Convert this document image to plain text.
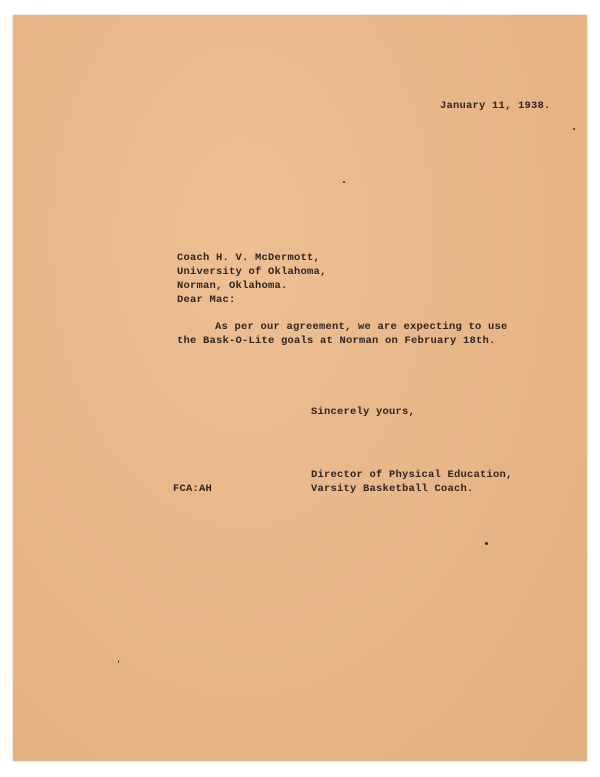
January 11, 1938.
Coach H. V. McDermott,
University of Oklahoma,
Norman, Oklahoma.
Dear Mac:
As per our agreement, we are expecting to use
the Bask-O-Lite goals at Norman on February 18th.
Sincerely yours,
Director of Physical Education,
Varsity Basketball Coach.
FCA:AH
